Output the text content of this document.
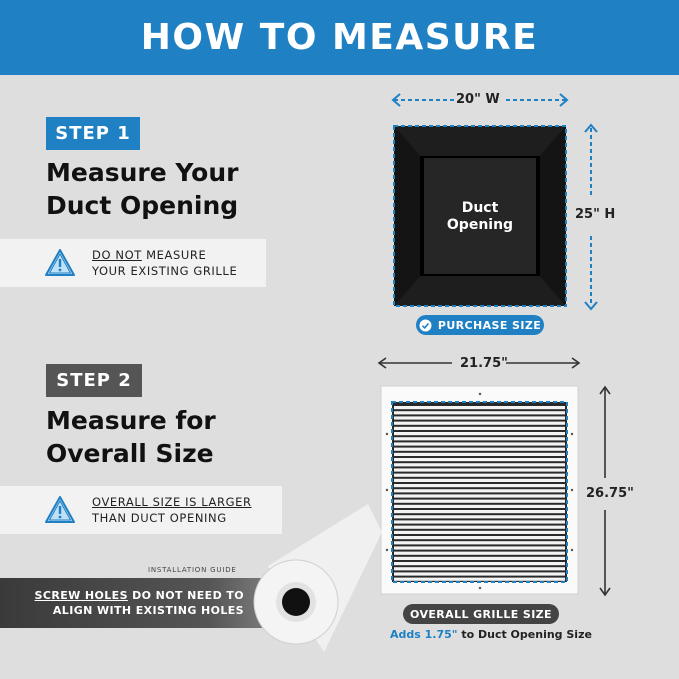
HOW TO MEASURE
STEP 1
Measure Your
Duct Opening
DO NOT MEASURE
YOUR EXISTING GRILLE
20" W
25" H
Duct
Opening
PURCHASE SIZE
STEP 2
Measure for
Overall Size
OVERALL SIZE IS LARGER
THAN DUCT OPENING
21.75"
26.75"
OVERALL GRILLE SIZE
Adds 1.75" to Duct Opening Size
INSTALLATION GUIDE
SCREW HOLES DO NOT NEED TO
ALIGN WITH EXISTING HOLES
